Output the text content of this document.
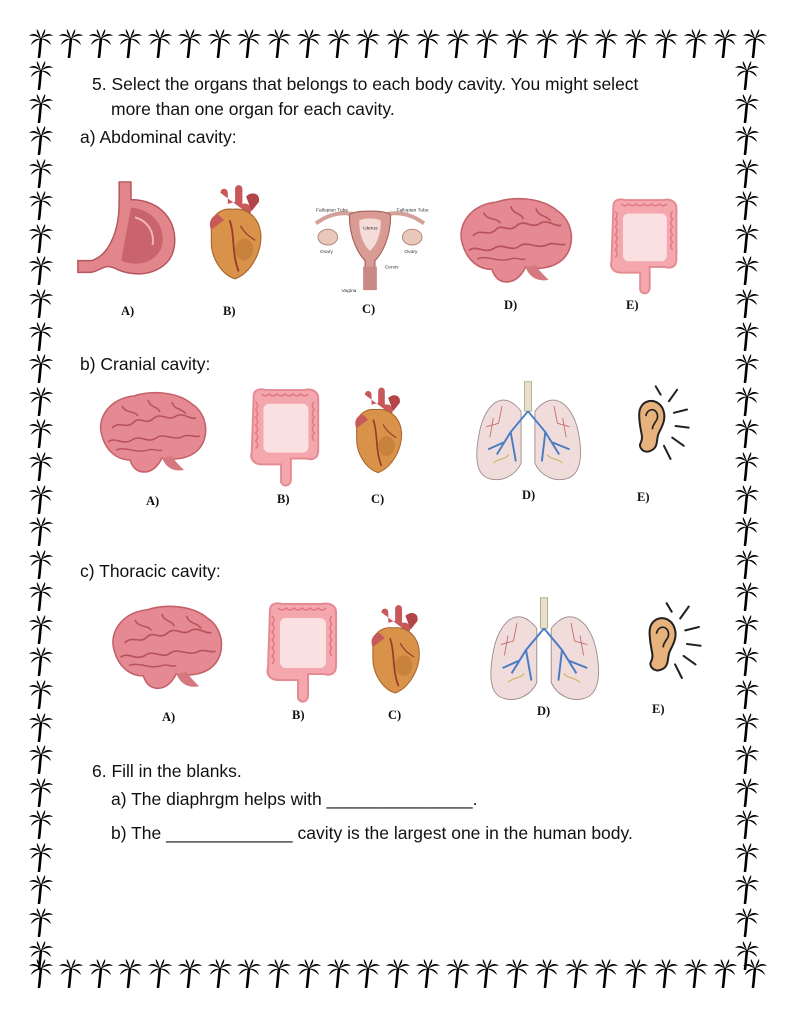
5. Select the organs that belongs to each body cavity. You might select
more than one organ for each cavity.
a) Abdominal cavity:
A)	B)
Fallopian Tube	Fallopian Tube
Uterus
Ovary	Ovary
Cervix
Vagina
C)	D)	E)
b) Cranial cavity:
A)	B)	C)	D)	E)
c) Thoracic cavity:
A)	B)	C)	D)	E)
6. Fill in the blanks.
a) The diaphrgm helps with _______________.
b) The _____________ cavity is the largest one in the human body.
